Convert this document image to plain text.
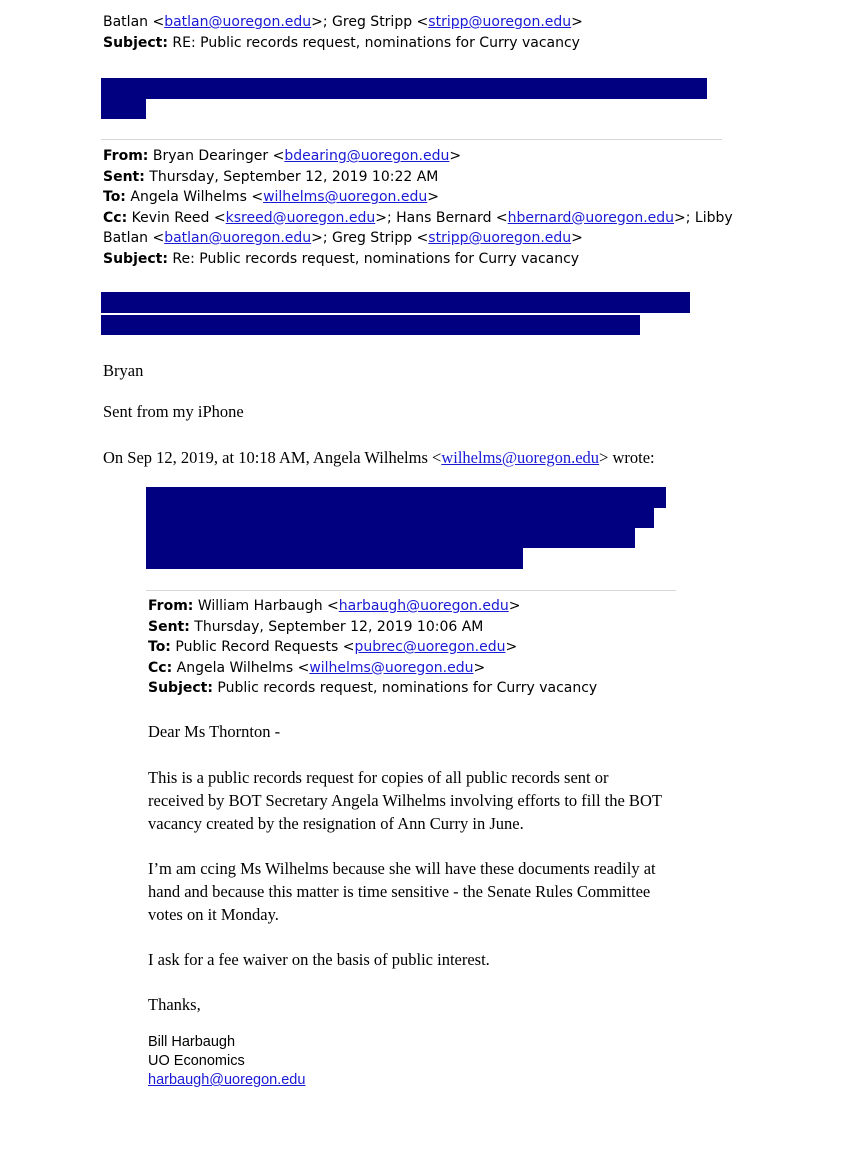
Batlan <batlan@uoregon.edu>; Greg Stripp <stripp@uoregon.edu>

Subject: RE: Public records request, nominations for Curry vacancy

From: Bryan Dearinger <bdearing@uoregon.edu>

Sent: Thursday, September 12, 2019 10:22 AM

To: Angela Wilhelms <wilhelms@uoregon.edu>

Cc: Kevin Reed <ksreed@uoregon.edu>; Hans Bernard <hbernard@uoregon.edu>; Libby

Batlan <batlan@uoregon.edu>; Greg Stripp <stripp@uoregon.edu>

Subject: Re: Public records request, nominations for Curry vacancy

Bryan
Sent from my iPhone
On Sep 12, 2019, at 10:18 AM, Angela Wilhelms <wilhelms@uoregon.edu> wrote:

From: William Harbaugh <harbaugh@uoregon.edu>

Sent: Thursday, September 12, 2019 10:06 AM

To: Public Record Requests <pubrec@uoregon.edu>

Cc: Angela Wilhelms <wilhelms@uoregon.edu>

Subject: Public records request, nominations for Curry vacancy

Dear Ms Thornton -

This is a public records request for copies of all public records sent or

received by BOT Secretary Angela Wilhelms involving efforts to fill the BOT

vacancy created by the resignation of Ann Curry in June.

I’m am ccing Ms Wilhelms because she will have these documents readily at

hand and because this matter is time sensitive - the Senate Rules Committee

votes on it Monday.

I ask for a fee waiver on the basis of public interest.
Thanks,

Bill Harbaugh

UO Economics

harbaugh@uoregon.edu
